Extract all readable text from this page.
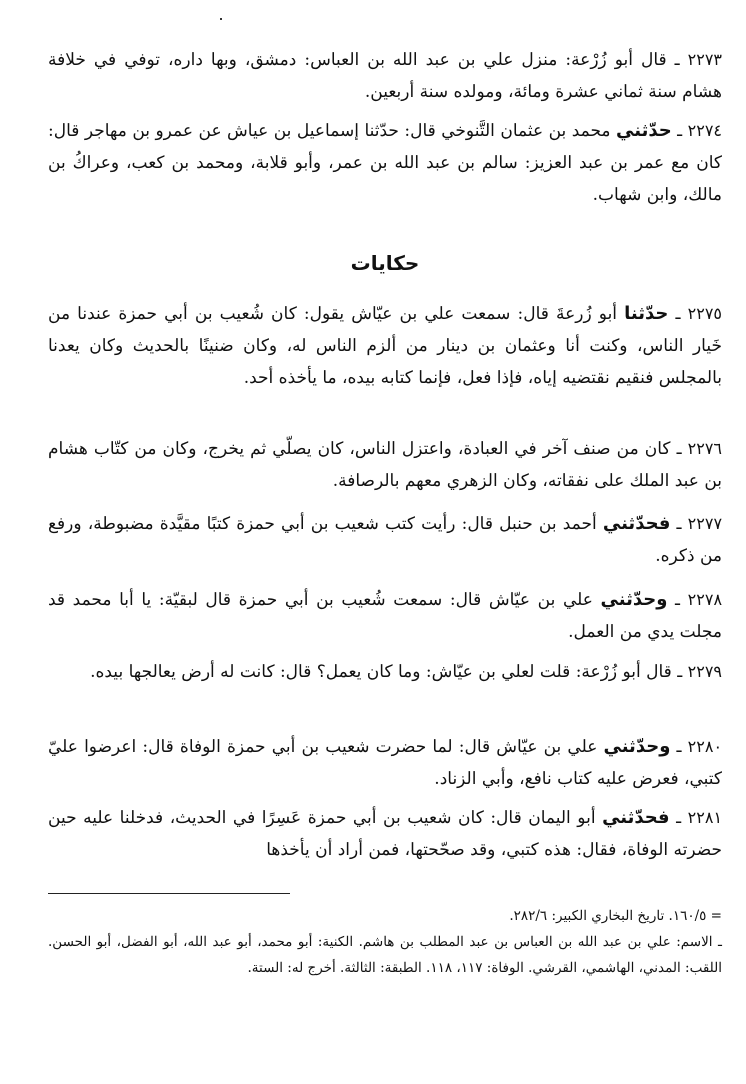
٢٢٧٣ ـ قال أبو زُرْعة: منزل علي بن عبد الله بن العباس: دمشق، وبها داره، توفي في خلافة هشام سنة ثماني عشرة ومائة، ومولده سنة أربعين.

٢٢٧٤ ـ حدّثني محمد بن عثمان التَّنوخي قال: حدّثنا إسماعيل بن عياش عن عمرو بن مهاجر قال: كان مع عمر بن عبد العزيز: سالم بن عبد الله بن عمر، وأبو قلابة، ومحمد بن كعب، وعراكُ بن مالك، وابن شهاب.

حكايات

٢٢٧٥ ـ حدّثنا أبو زُرعةَ قال: سمعت علي بن عيّاش يقول: كان شُعيب بن أبي حمزة عندنا من خَيار الناس، وكنت أنا وعثمان بن دينار من ألزم الناس له، وكان ضنينًا بالحديث وكان يعدنا بالمجلس فنقيم نقتضيه إياه، فإذا فعل، فإنما كتابه بيده، ما يأخذه أحد.

٢٢٧٦ ـ كان من صنف آخر في العبادة، واعتزل الناس، كان يصلّي ثم يخرج، وكان من كتّاب هشام بن عبد الملك على نفقاته، وكان الزهري معهم بالرصافة.

٢٢٧٧ ـ فحدّثني أحمد بن حنبل قال: رأيت كتب شعيب بن أبي حمزة كتبًا مقيَّدة مضبوطة، ورفع من ذكره.

٢٢٧٨ ـ وحدّثني علي بن عيّاش قال: سمعت شُعيب بن أبي حمزة قال لبقيّة: يا أبا محمد قد مجلت يدي من العمل.

٢٢٧٩ ـ قال أبو زُرْعة: قلت لعلي بن عيّاش: وما كان يعمل؟ قال: كانت له أرض يعالجها بيده.

٢٢٨٠ ـ وحدّثني علي بن عيّاش قال: لما حضرت شعيب بن أبي حمزة الوفاة قال: اعرضوا عليّ كتبي، فعرض عليه كتاب نافع، وأبي الزناد.

٢٢٨١ ـ فحدّثني أبو اليمان قال: كان شعيب بن أبي حمزة عَسِرًا في الحديث، فدخلنا عليه حين حضرته الوفاة، فقال: هذه كتبي، وقد صحّحتها، فمن أراد أن يأخذها

= ١٦٠/٥. تاريخ البخاري الكبير: ٢٨٢/٦.

ـ الاسم: علي بن عبد الله بن العباس بن عبد المطلب بن هاشم. الكنية: أبو محمد، أبو عبد الله، أبو الفضل، أبو الحسن. اللقب: المدني، الهاشمي، القرشي. الوفاة: ١١٧، ١١٨. الطبقة: الثالثة. أخرج له: الستة.
